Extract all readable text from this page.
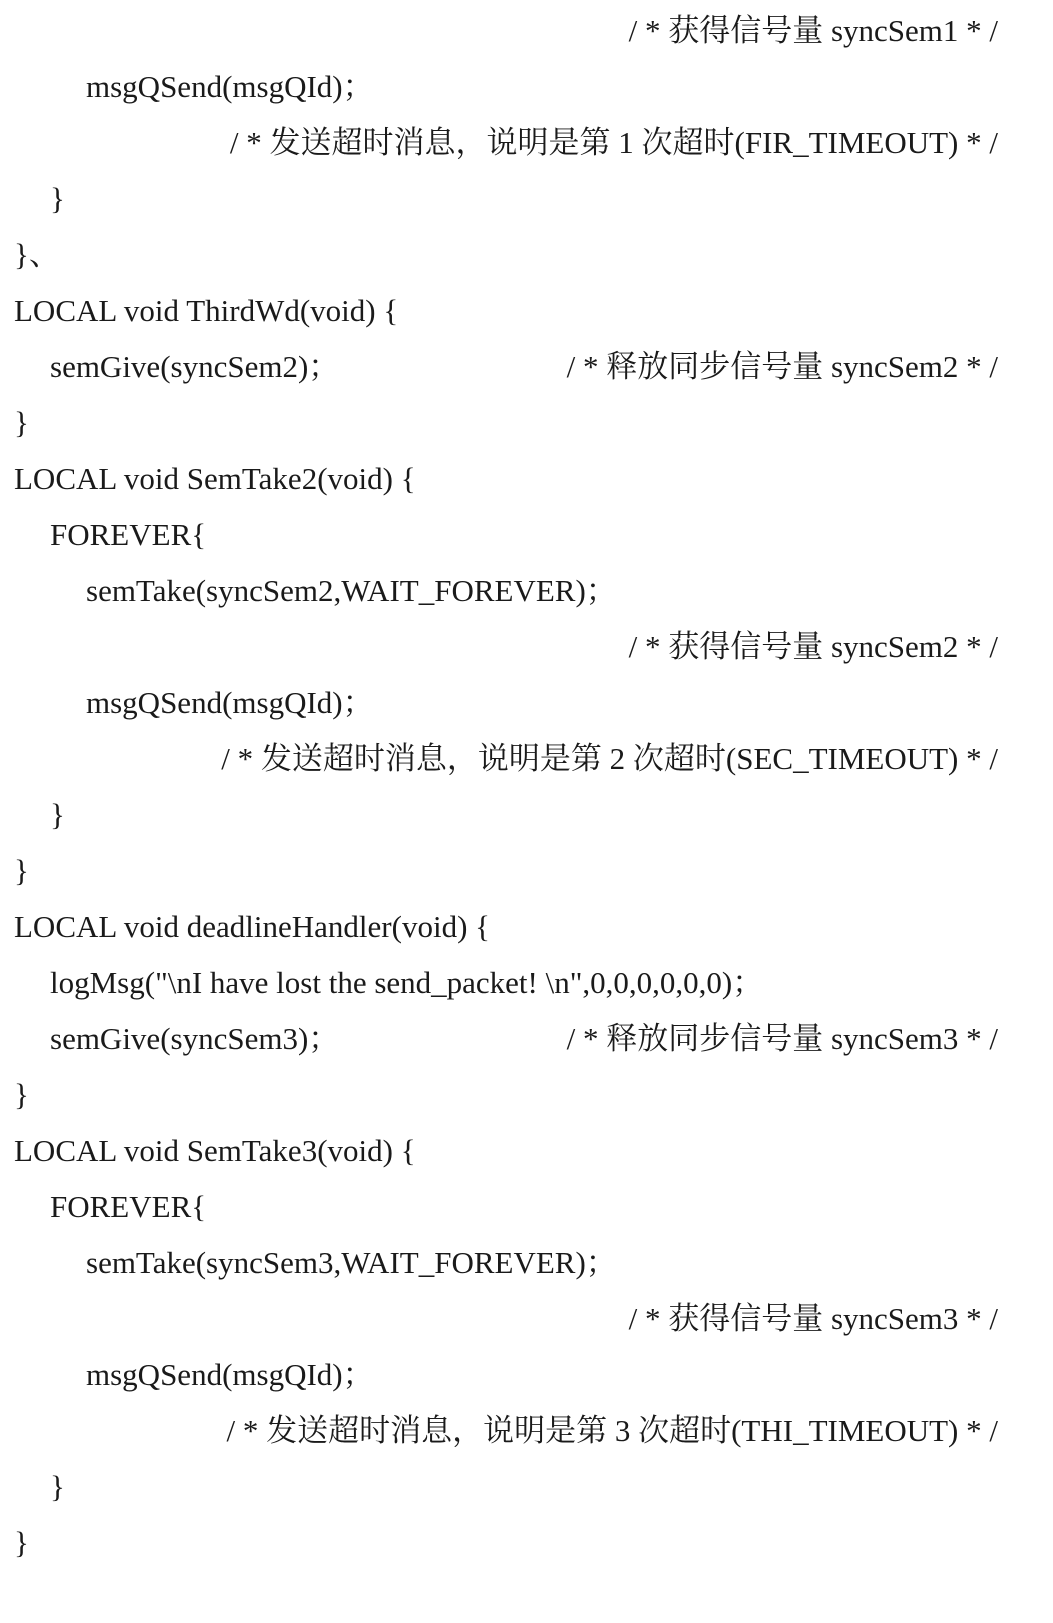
/ * 获得信号量 syncSem1 * /
msgQSend(msgQId)；
/ * 发送超时消息，说明是第 1 次超时(FIR_TIMEOUT) * /
}
}、
LOCAL void ThirdWd(void) {
semGive(syncSem2)；	/ * 释放同步信号量 syncSem2 * /
}
LOCAL void SemTake2(void) {
FOREVER{
semTake(syncSem2,WAIT_FOREVER)；
/ * 获得信号量 syncSem2 * /
msgQSend(msgQId)；
/ * 发送超时消息，说明是第 2 次超时(SEC_TIMEOUT) * /
}
}
LOCAL void deadlineHandler(void) {
logMsg("\nI have lost the send_packet! \n",0,0,0,0,0,0)；
semGive(syncSem3)；	/ * 释放同步信号量 syncSem3 * /
}
LOCAL void SemTake3(void) {
FOREVER{
semTake(syncSem3,WAIT_FOREVER)；
/ * 获得信号量 syncSem3 * /
msgQSend(msgQId)；
/ * 发送超时消息，说明是第 3 次超时(THI_TIMEOUT) * /
}
}
